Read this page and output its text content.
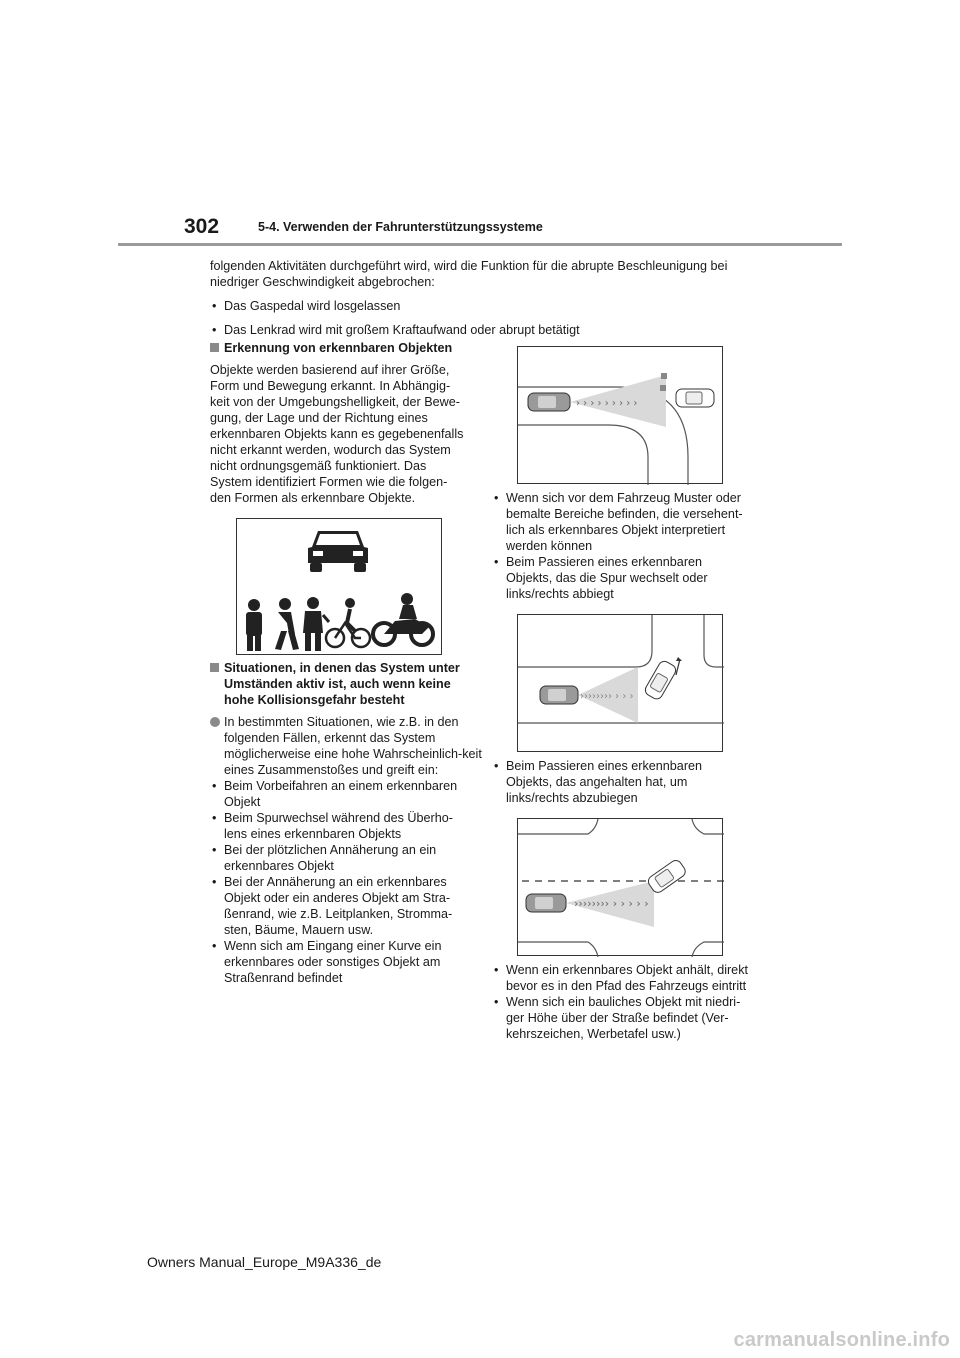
302	5-4. Verwenden der Fahrunterstützungssysteme
folgenden Aktivitäten durchgeführt wird, wird die Funktion für die abrupte Beschleunigung bei niedriger Geschwindigkeit abgebrochen:
• Das Gaspedal wird losgelassen
• Das Lenkrad wird mit großem Kraftaufwand oder abrupt betätigt
Erkennung von erkennbaren Objekten
Objekte werden basierend auf ihrer Größe, Form und Bewegung erkannt. In Abhängig-keit von der Umgebungshelligkeit, der Bewe-gung, der Lage und der Richtung eines erkennbaren Objekts kann es gegebenenfalls nicht erkannt werden, wodurch das System nicht ordnungsgemäß funktioniert. Das System identifiziert Formen wie die folgen-den Formen als erkennbare Objekte.
Situationen, in denen das System unter Umständen aktiv ist, auch wenn keine hohe Kollisionsgefahr besteht
In bestimmten Situationen, wie z.B. in den folgenden Fällen, erkennt das System möglicherweise eine hohe Wahrscheinlich-keit eines Zusammenstoßes und greift ein:
• Beim Vorbeifahren an einem erkennbaren Objekt
• Beim Spurwechsel während des Überho-lens eines erkennbaren Objekts
• Bei der plötzlichen Annäherung an ein erkennbares Objekt
• Bei der Annäherung an ein erkennbares Objekt oder ein anderes Objekt am Stra-ßenrand, wie z.B. Leitplanken, Stromma-sten, Bäume, Mauern usw.
• Wenn sich am Eingang einer Kurve ein erkennbares oder sonstiges Objekt am Straßenrand befindet
› › › › › › › › ›
• Wenn sich vor dem Fahrzeug Muster oder bemalte Bereiche befinden, die versehent-lich als erkennbares Objekt interpretiert werden können
• Beim Passieren eines erkennbaren Objekts, das die Spur wechselt oder links/rechts abbiegt
›››››››› › › ›
• Beim Passieren eines erkennbaren Objekts, das angehalten hat, um links/rechts abzubiegen
›››››››› › › › › ›
• Wenn ein erkennbares Objekt anhält, direkt bevor es in den Pfad des Fahrzeugs eintritt
• Wenn sich ein bauliches Objekt mit niedri-ger Höhe über der Straße befindet (Ver-kehrszeichen, Werbetafel usw.)
Owners Manual_Europe_M9A336_de
carmanualsonline.info
